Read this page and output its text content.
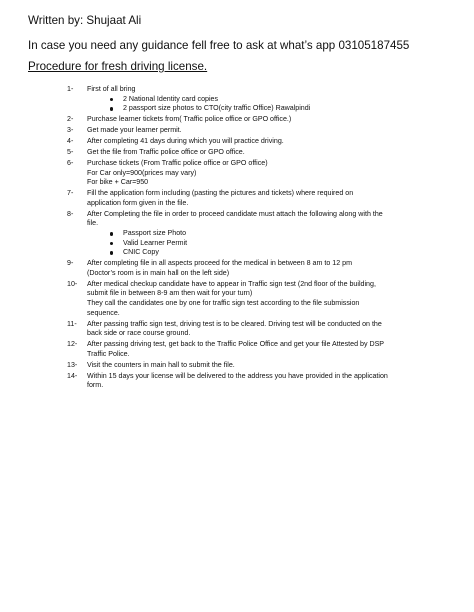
Written by: Shujaat Ali
In case you need any guidance fell free to ask at what’s app 03105187455
Procedure for fresh driving license.
1- First of all bring
2 National Identity card copies
2 passport size photos to CTO(city traffic Office) Rawalpindi
2- Purchase learner tickets from( Traffic police office or GPO office.)
3- Get made your learner permit.
4- After completing 41 days during which you will practice driving.
5- Get the file from Traffic police office or GPO office.
6- Purchase tickets (From Traffic police office or GPO office)
For Car only=900(prices may vary)
For bike + Car=950
7- Fill the application form including (pasting the pictures and tickets) where required on
application form given in the file.
8- After Completing the file in order to proceed candidate must attach the following along with the
file.
Passport size Photo
Valid Learner Permit
CNIC Copy
9- After completing file in all aspects proceed for the medical in between 8 am to 12 pm
(Doctor’s room is in main hall on the left side)
10- After medical checkup candidate have to appear in Traffic sign test (2nd floor of the building,
submit file in between 8-9 am then wait for your turn)
They call the candidates one by one for traffic sign test according to the file submission
sequence.
11- After passing traffic sign test, driving test is to be cleared. Driving test will be conducted on the
back side or race course ground.
12- After passing driving test, get back to the Traffic Police Office and get your file Attested by DSP
Traffic Police.
13- Visit the counters in main hall to submit the file.
14- Within 15 days your license will be delivered to the address you have provided in the application
form.
